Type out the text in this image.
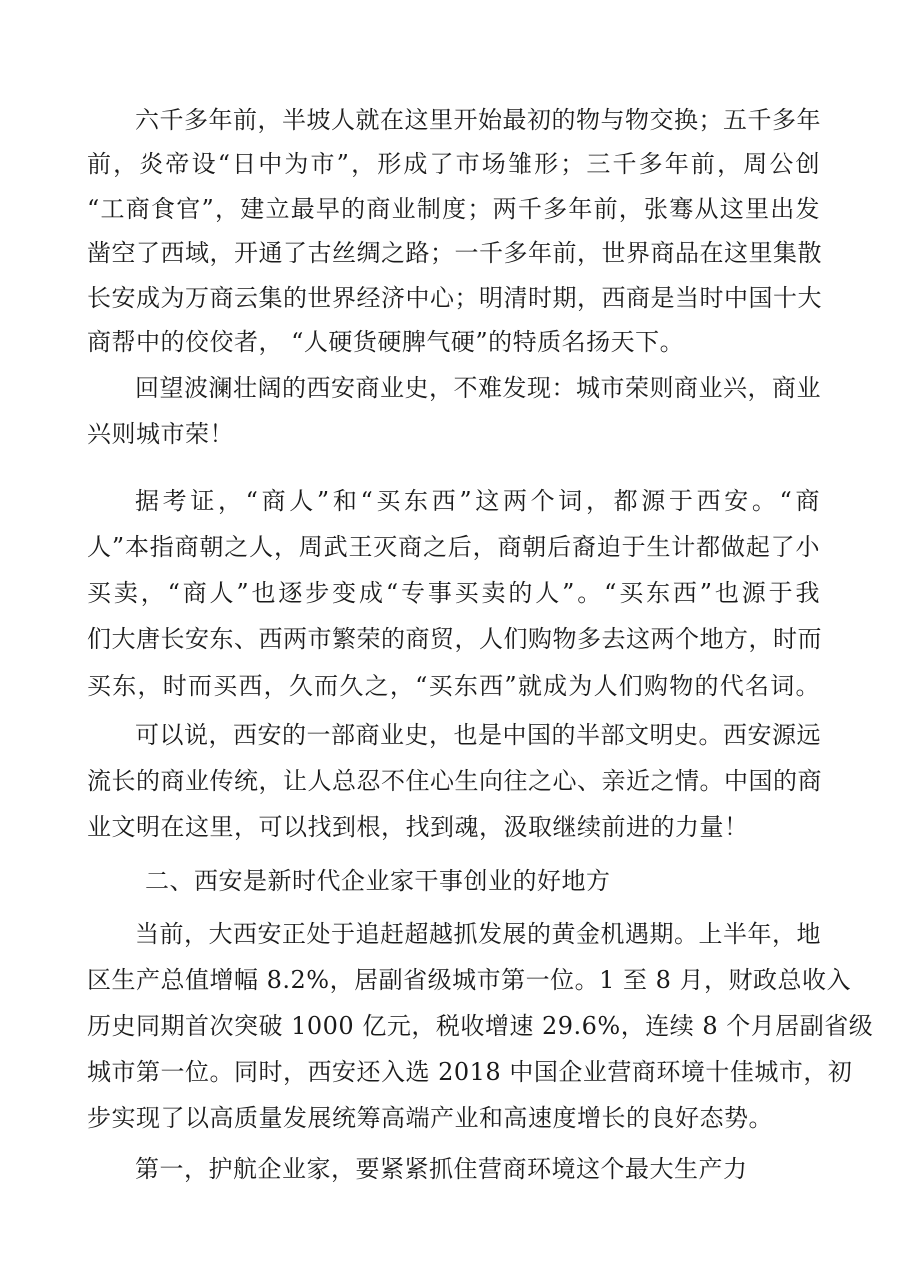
六千多年前，半坡人就在这里开始最初的物与物交换；五千多年
前，炎帝设“日中为市”，形成了市场雏形；三千多年前，周公创
“工商食官”，建立最早的商业制度；两千多年前，张骞从这里出发
凿空了西域，开通了古丝绸之路；一千多年前，世界商品在这里集散
长安成为万商云集的世界经济中心；明清时期，西商是当时中国十大
商帮中的佼佼者， “人硬货硬脾气硬”的特质名扬天下。
回望波澜壮阔的西安商业史，不难发现：城市荣则商业兴，商业
兴则城市荣！
据考证，“商人”和“买东西”这两个词，都源于西安。“商
人”本指商朝之人，周武王灭商之后，商朝后裔迫于生计都做起了小
买卖，“商人”也逐步变成“专事买卖的人”。“买东西”也源于我
们大唐长安东、西两市繁荣的商贸，人们购物多去这两个地方，时而
买东，时而买西，久而久之，“买东西”就成为人们购物的代名词。
可以说，西安的一部商业史，也是中国的半部文明史。西安源远
流长的商业传统，让人总忍不住心生向往之心、亲近之情。中国的商
业文明在这里，可以找到根，找到魂，汲取继续前进的力量！
二、西安是新时代企业家干事创业的好地方
当前，大西安正处于追赶超越抓发展的黄金机遇期。上半年，地
区生产总值增幅 8.2%，居副省级城市第一位。1 至 8 月，财政总收入
历史同期首次突破 1000 亿元，税收增速 29.6%，连续 8 个月居副省级
城市第一位。同时，西安还入选 2018 中国企业营商环境十佳城市，初
步实现了以高质量发展统筹高端产业和高速度增长的良好态势。
第一，护航企业家，要紧紧抓住营商环境这个最大生产力
